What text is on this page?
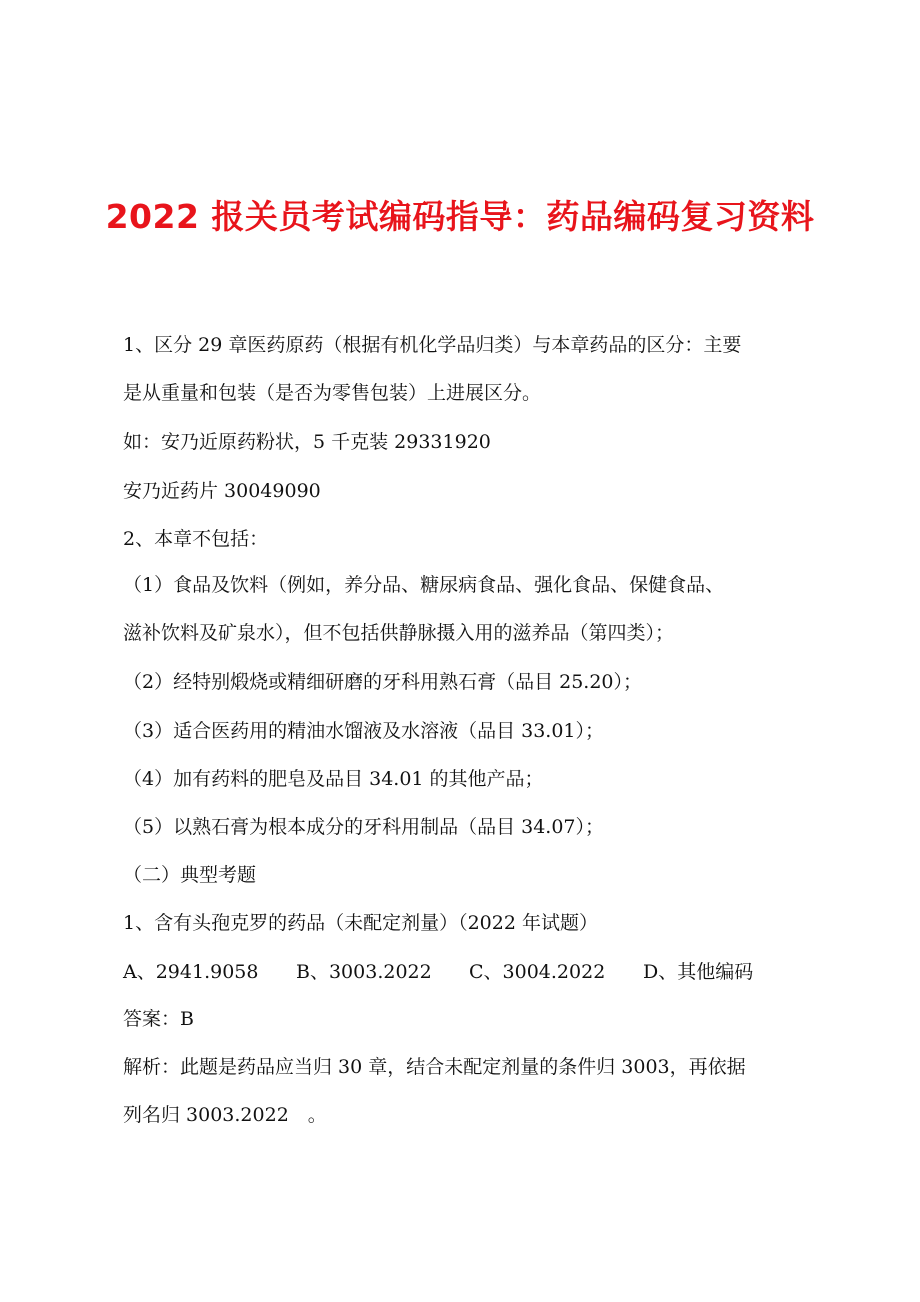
2022 报关员考试编码指导：药品编码复习资料
1、区分 29 章医药原药（根据有机化学品归类）与本章药品的区分：主要
是从重量和包装（是否为零售包装）上进展区分。
如：安乃近原药粉状，5 千克装 29331920
安乃近药片 30049090
2、本章不包括：
（1）食品及饮料（例如，养分品、糖尿病食品、强化食品、保健食品、
滋补饮料及矿泉水），但不包括供静脉摄入用的滋养品（第四类）；
（2）经特别煅烧或精细研磨的牙科用熟石膏（品目 25.20）；
（3）适合医药用的精油水馏液及水溶液（品目 33.01）；
（4）加有药料的肥皂及品目 34.01 的其他产品；
（5）以熟石膏为根本成分的牙科用制品（品目 34.07）；
（二）典型考题
1、含有头孢克罗的药品（未配定剂量）（2022 年试题）
A、2941.9058 B、3003.2022 C、3004.2022 D、其他编码
答案：B
解析：此题是药品应当归 30 章，结合未配定剂量的条件归 3003，再依据
列名归 3003.2022　。
